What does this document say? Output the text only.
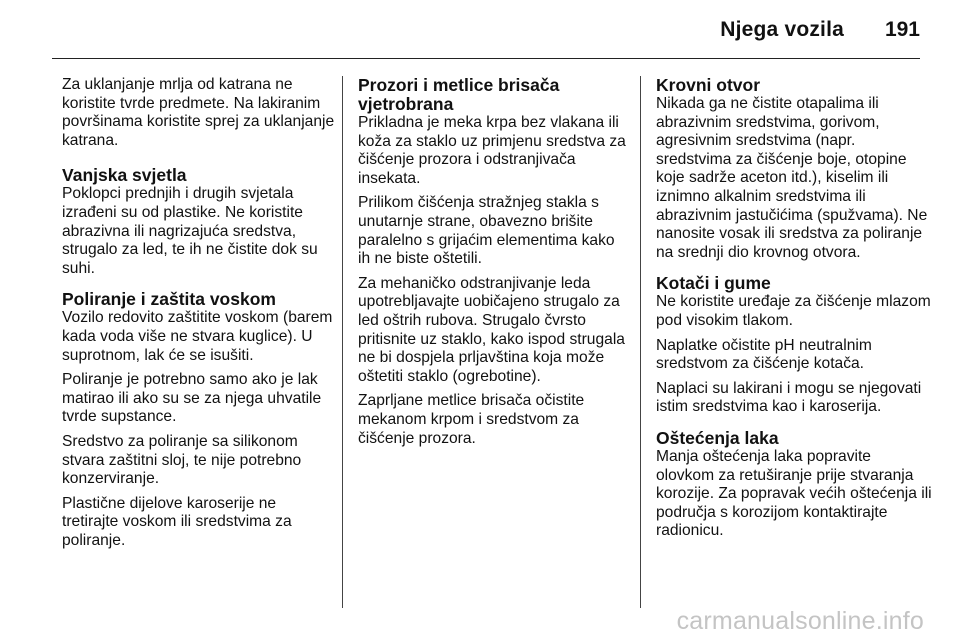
Njega vozila 191

Za uklanjanje mrlja od katrana ne koristite tvrde predmete. Na lakiranim površinama koristite sprej za uklanjanje katrana.

Vanjska svjetla

Poklopci prednjih i drugih svjetala izrađeni su od plastike. Ne koristite abrazivna ili nagrizajuća sredstva, strugalo za led, te ih ne čistite dok su suhi.

Poliranje i zaštita voskom

Vozilo redovito zaštitite voskom (barem kada voda više ne stvara kuglice). U suprotnom, lak će se isušiti.

Poliranje je potrebno samo ako je lak matirao ili ako su se za njega uhvatile tvrde supstance.

Sredstvo za poliranje sa silikonom stvara zaštitni sloj, te nije potrebno konzerviranje.

Plastične dijelove karoserije ne tretirajte voskom ili sredstvima za poliranje.

Prozori i metlice brisača vjetrobrana

Prikladna je meka krpa bez vlakana ili koža za staklo uz primjenu sredstva za čišćenje prozora i odstranjivača insekata.

Prilikom čišćenja stražnjeg stakla s unutarnje strane, obavezno brišite paralelno s grijaćim elementima kako ih ne biste oštetili.

Za mehaničko odstranjivanje leda upotrebljavajte uobičajeno strugalo za led oštrih rubova. Strugalo čvrsto pritisnite uz staklo, kako ispod strugala ne bi dospjela prljavština koja može oštetiti staklo (ogrebotine).

Zaprljane metlice brisača očistite mekanom krpom i sredstvom za čišćenje prozora.

Krovni otvor

Nikada ga ne čistite otapalima ili abrazivnim sredstvima, gorivom, agresivnim sredstvima (napr. sredstvima za čišćenje boje, otopine koje sadrže aceton itd.), kiselim ili iznimno alkalnim sredstvima ili abrazivnim jastučićima (spužvama). Ne nanosite vosak ili sredstva za poliranje na srednji dio krovnog otvora.

Kotači i gume

Ne koristite uređaje za čišćenje mlazom pod visokim tlakom.

Naplatke očistite pH neutralnim sredstvom za čišćenje kotača.

Naplaci su lakirani i mogu se njegovati istim sredstvima kao i karoserija.

Oštećenja laka

Manja oštećenja laka popravite olovkom za retuširanje prije stvaranja korozije. Za popravak većih oštećenja ili područja s korozijom kontaktirajte radionicu.

carmanualsonline.info
